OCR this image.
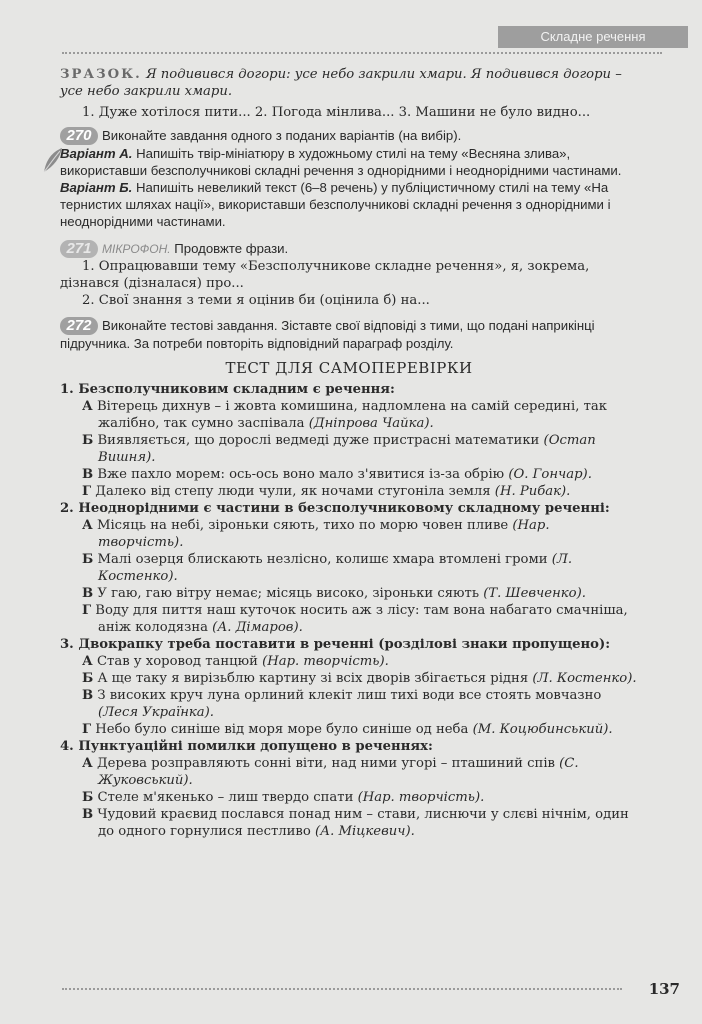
Складне речення

ЗРАЗОК. Я подивився догори: усе небо закрили хмари. Я подивився догори – усе небо закрили хмари.

1. Дуже хотілося пити... 2. Погода мінлива... 3. Машини не було видно...

270 Виконайте завдання одного з поданих варіантів (на вибір).

Варіант А. Напишіть твір-мініатюру в художньому стилі на тему «Весняна злива», використавши безсполучникові складні речення з однорідними і неоднорідними частинами.

Варіант Б. Напишіть невеликий текст (6–8 речень) у публіцистичному стилі на тему «На тернистих шляхах нації», використавши безсполучникові складні речення з однорідними і неоднорідними частинами.

271 МІКРОФОН. Продовжте фрази.

1. Опрацювавши тему «Безсполучникове складне речення», я, зокрема, дізнався (дізналася) про...

2. Свої знання з теми я оцінив би (оцінила б) на...

272 Виконайте тестові завдання. Зіставте свої відповіді з тими, що подані наприкінці підручника. За потреби повторіть відповідний параграф розділу.

ТЕСТ ДЛЯ САМОПЕРЕВІРКИ

1. Безсполучниковим складним є речення:

А Вітерець дихнув – і жовта комишина, надломлена на самій середині, так жалібно, так сумно заспівала (Дніпрова Чайка).

Б Виявляється, що дорослі ведмеді дуже пристрасні математики (Остап Вишня).

В Вже пахло морем: ось-ось воно мало з'явитися із-за обрію (О. Гончар).

Г Далеко від степу люди чули, як ночами стугоніла земля (Н. Рибак).

2. Неоднорідними є частини в безсполучниковому складному реченні:

А Місяць на небі, зіроньки сяють, тихо по морю човен пливе (Нар. творчість).

Б Малі озерця блискають незлісно, колишє хмара втомлені громи (Л. Костенко).

В У гаю, гаю вітру немає; місяць високо, зіроньки сяють (Т. Шевченко).

Г Воду для пиття наш куточок носить аж з лісу: там вона набагато смачніша, аніж колодязна (А. Дімаров).

3. Двокрапку треба поставити в реченні (розділові знаки пропущено):

А Став у хоровод танцюй (Нар. творчість).

Б А ще таку я вирізьблю картину зі всіх дворів збігається рідня (Л. Костенко).

В З високих круч луна орлиний клекіт лиш тихі води все стоять мовчазно (Леся Українка).

Г Небо було синіше від моря море було синіше од неба (М. Коцюбинський).

4. Пунктуаційні помилки допущено в реченнях:

А Дерева розправляють сонні віти, над ними угорі – пташиний спів (С. Жуковський).

Б Стеле м'якенько – лиш твердо спати (Нар. творчість).

В Чудовий краєвид послався понад ним – стави, лиснючи у слєві нічнім, один до одного горнулися пестливо (А. Міцкевич).

137
